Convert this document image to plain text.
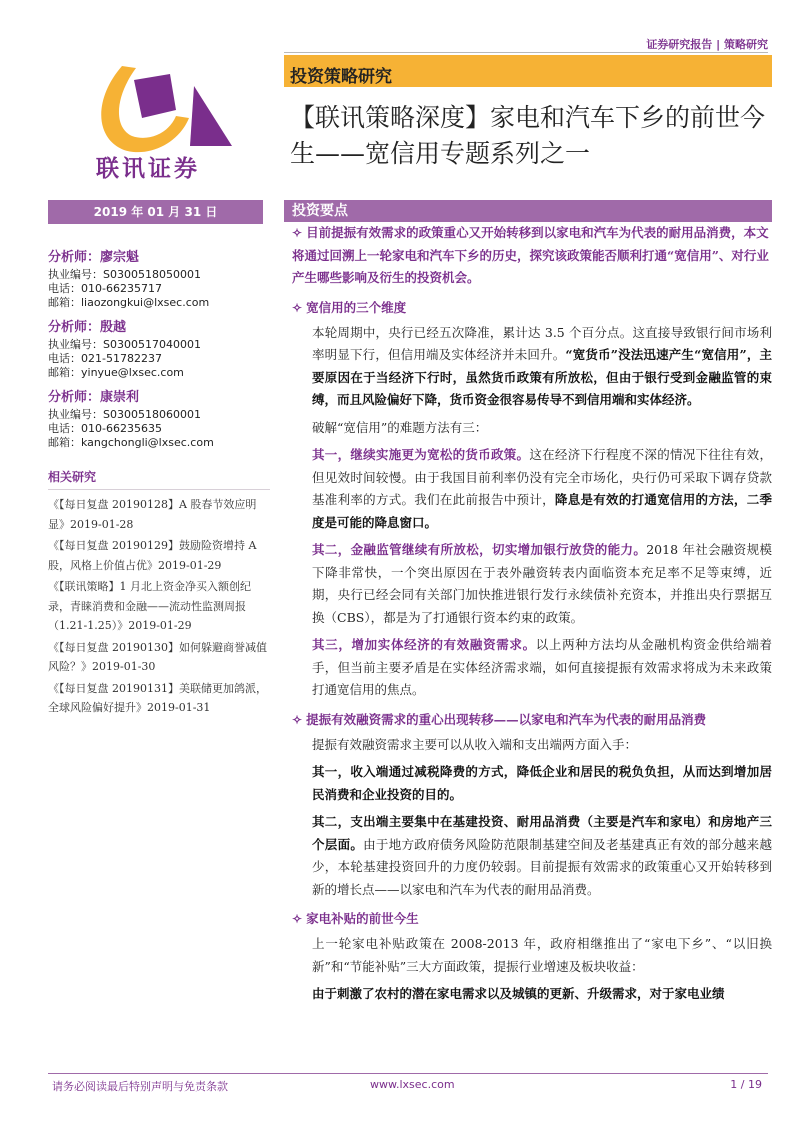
证券研究报告 | 策略研究
联讯证券
投资策略研究
【联讯策略深度】家电和汽车下乡的前世今生——宽信用专题系列之一
2019 年 01 月 31 日	投资要点
分析师：廖宗魁
执业编号：S0300518050001
电话：010-66235717
邮箱：liaozongkui@lxsec.com
分析师：殷越
执业编号：S0300517040001
电话：021-51782237
邮箱：yinyue@lxsec.com
分析师：康崇利
执业编号：S0300518060001
电话：010-66235635
邮箱：kangchongli@lxsec.com
相关研究
《【每日复盘 20190128】A 股春节效应明显》2019-01-28
《【每日复盘 20190129】鼓励险资增持 A股，风格上价值占优》2019-01-29
《【联讯策略】1 月北上资金净买入额创纪录，青睐消费和金融——流动性监测周报（1.21-1.25）》2019-01-29
《【每日复盘 20190130】如何躲避商誉减值风险？》2019-01-30
《【每日复盘 20190131】美联储更加鸽派，全球风险偏好提升》2019-01-31
✧ 目前提振有效需求的政策重心又开始转移到以家电和汽车为代表的耐用品消费，本文将通过回溯上一轮家电和汽车下乡的历史，探究该政策能否顺利打通“宽信用”、对行业产生哪些影响及衍生的投资机会。
✧ 宽信用的三个维度

本轮周期中，央行已经五次降准，累计达 3.5 个百分点。这直接导致银行间市场利率明显下行，但信用端及实体经济并未回升。“宽货币”没法迅速产生“宽信用”，主要原因在于当经济下行时，虽然货币政策有所放松，但由于银行受到金融监管的束缚，而且风险偏好下降，货币资金很容易传导不到信用端和实体经济。

破解“宽信用”的难题方法有三：

其一，继续实施更为宽松的货币政策。这在经济下行程度不深的情况下往往有效，但见效时间较慢。由于我国目前利率仍没有完全市场化，央行仍可采取下调存贷款基准利率的方式。我们在此前报告中预计，降息是有效的打通宽信用的方法，二季度是可能的降息窗口。

其二，金融监管继续有所放松，切实增加银行放贷的能力。2018 年社会融资规模下降非常快，一个突出原因在于表外融资转表内面临资本充足率不足等束缚，近期，央行已经会同有关部门加快推进银行发行永续债补充资本，并推出央行票据互换（CBS），都是为了打通银行资本约束的政策。

其三，增加实体经济的有效融资需求。以上两种方法均从金融机构资金供给端着手，但当前主要矛盾是在实体经济需求端，如何直接提振有效需求将成为未来政策打通宽信用的焦点。

✧ 提振有效融资需求的重心出现转移——以家电和汽车为代表的耐用品消费

提振有效融资需求主要可以从收入端和支出端两方面入手：

其一，收入端通过减税降费的方式，降低企业和居民的税负负担，从而达到增加居民消费和企业投资的目的。

其二，支出端主要集中在基建投资、耐用品消费（主要是汽车和家电）和房地产三个层面。由于地方政府债务风险防范限制基建空间及老基建真正有效的部分越来越少，本轮基建投资回升的力度仍较弱。目前提振有效需求的政策重心又开始转移到新的增长点——以家电和汽车为代表的耐用品消费。

✧ 家电补贴的前世今生

上一轮家电补贴政策在 2008-2013 年，政府相继推出了“家电下乡”、“以旧换新”和“节能补贴”三大方面政策，提振行业增速及板块收益：

由于刺激了农村的潜在家电需求以及城镇的更新、升级需求，对于家电业绩

请务必阅读最后特别声明与免责条款	www.lxsec.com	1 / 19
